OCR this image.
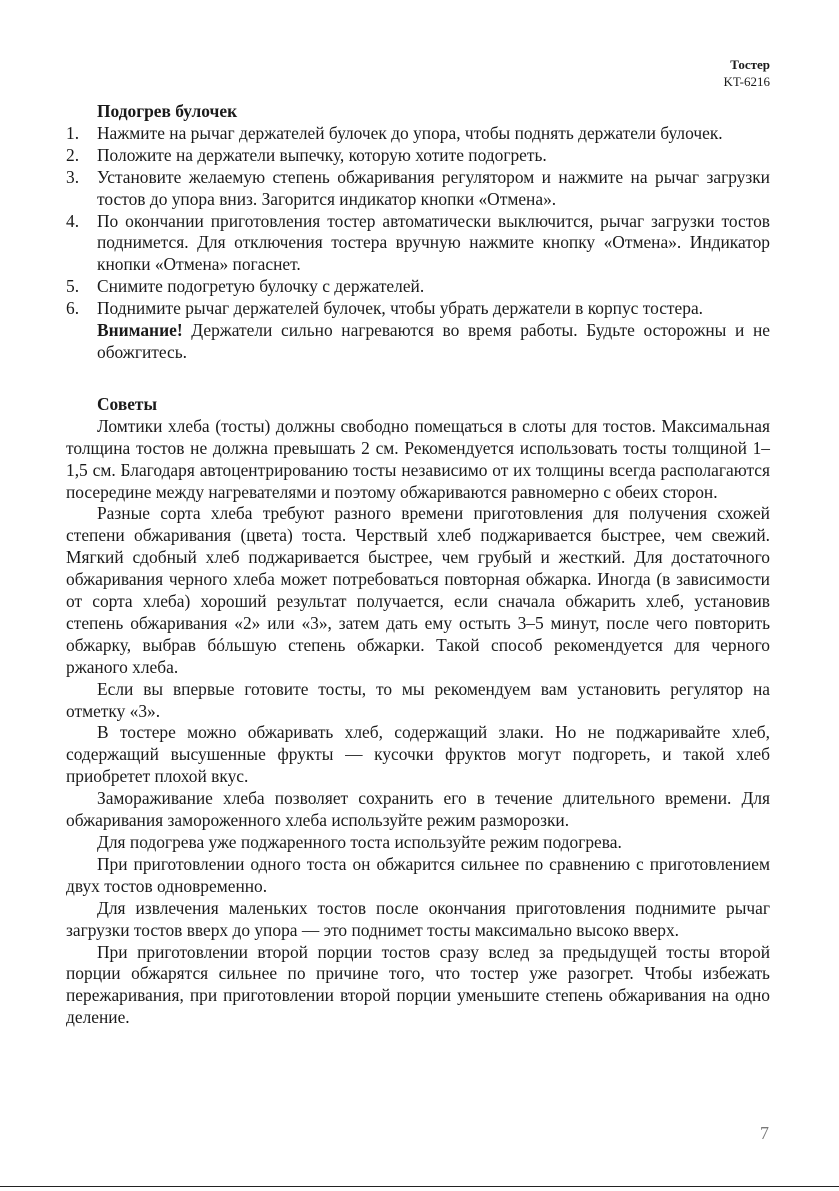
Тостер
KT-6216
Подогрев булочек
1. Нажмите на рычаг держателей булочек до упора, чтобы поднять держатели булочек.
2. Положите на держатели выпечку, которую хотите подогреть.
3. Установите желаемую степень обжаривания регулятором и нажмите на рычаг загрузки тостов до упора вниз. Загорится индикатор кнопки «Отмена».
4. По окончании приготовления тостер автоматически выключится, рычаг загрузки тостов поднимется. Для отключения тостера вручную нажмите кнопку «Отмена». Индикатор кнопки «Отмена» погаснет.
5. Снимите подогретую булочку с держателей.
6. Поднимите рычаг держателей булочек, чтобы убрать держатели в корпус тостера.

Внимание! Держатели сильно нагреваются во время работы. Будьте осторожны и не обожгитесь.

Советы

Ломтики хлеба (тосты) должны свободно помещаться в слоты для тостов. Максимальная толщина тостов не должна превышать 2 см. Рекомендуется использовать тосты толщиной 1–1,5 см. Благодаря автоцентрированию тосты независимо от их толщины всегда располагаются посередине между нагревателями и поэтому обжариваются равномерно с обеих сторон.

Разные сорта хлеба требуют разного времени приготовления для получения схожей степени обжаривания (цвета) тоста. Черствый хлеб поджаривается быстрее, чем свежий. Мягкий сдобный хлеб поджаривается быстрее, чем грубый и жесткий. Для достаточного обжаривания черного хлеба может потребоваться повторная обжарка. Иногда (в зависимости от сорта хлеба) хороший результат получается, если сначала обжарить хлеб, установив степень обжаривания «2» или «3», затем дать ему остыть 3–5 минут, после чего повторить обжарку, выбрав бóльшую степень обжарки. Такой способ рекомендуется для черного ржаного хлеба.

Если вы впервые готовите тосты, то мы рекомендуем вам установить регулятор на отметку «3».

В тостере можно обжаривать хлеб, содержащий злаки. Но не поджаривайте хлеб, содержащий высушенные фрукты — кусочки фруктов могут подгореть, и такой хлеб приобретет плохой вкус.

Замораживание хлеба позволяет сохранить его в течение длительного времени. Для обжаривания замороженного хлеба используйте режим разморозки.

Для подогрева уже поджаренного тоста используйте режим подогрева.

При приготовлении одного тоста он обжарится сильнее по сравнению с приготовлением двух тостов одновременно.

Для извлечения маленьких тостов после окончания приготовления поднимите рычаг загрузки тостов вверх до упора — это поднимет тосты максимально высоко вверх.

При приготовлении второй порции тостов сразу вслед за предыдущей тосты второй порции обжарятся сильнее по причине того, что тостер уже разогрет. Чтобы избежать пережаривания, при приготовлении второй порции уменьшите степень обжаривания на одно деление.

7
